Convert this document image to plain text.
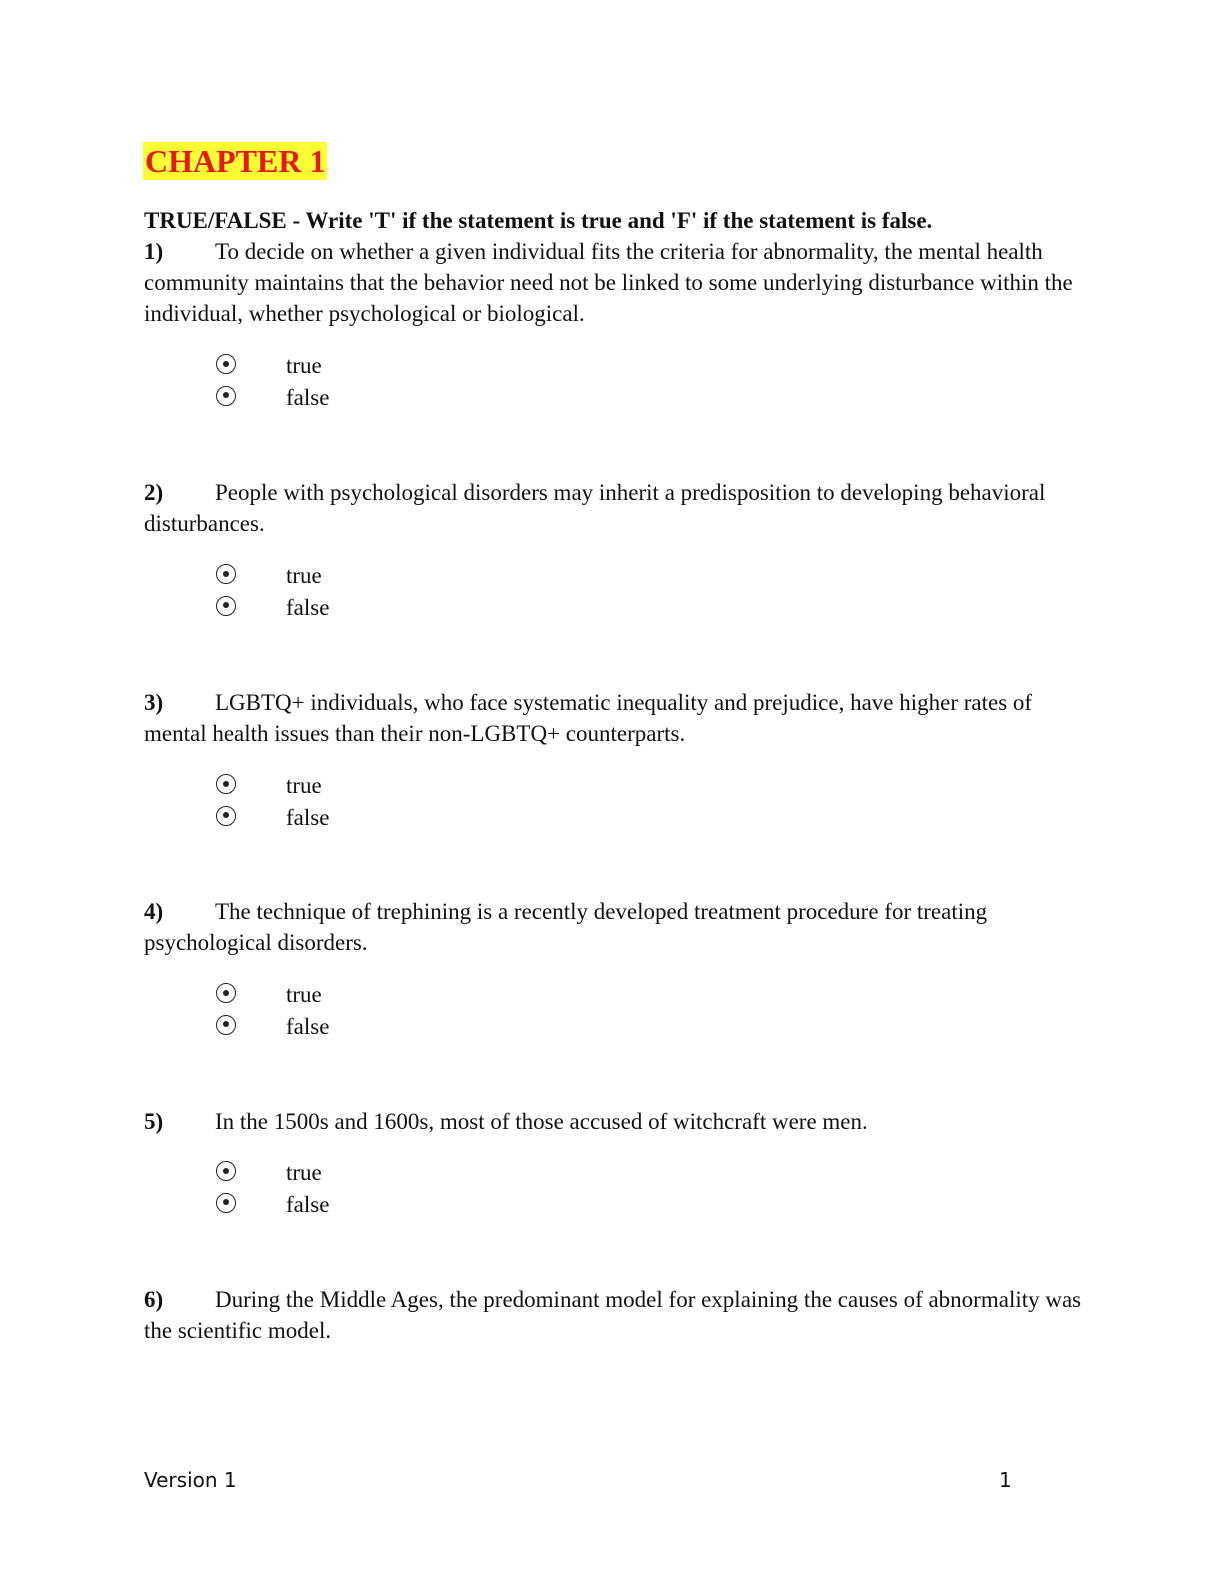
CHAPTER 1
TRUE/FALSE - Write 'T' if the statement is true and 'F' if the statement is false.
1) To decide on whether a given individual fits the criteria for abnormality, the mental health community maintains that the behavior need not be linked to some underlying disturbance within the individual, whether psychological or biological.
true
false
2) People with psychological disorders may inherit a predisposition to developing behavioral disturbances.
true
false
3) LGBTQ+ individuals, who face systematic inequality and prejudice, have higher rates of mental health issues than their non-LGBTQ+ counterparts.
true
false
4) The technique of trephining is a recently developed treatment procedure for treating psychological disorders.
true
false
5) In the 1500s and 1600s, most of those accused of witchcraft were men.
true
false
6) During the Middle Ages, the predominant model for explaining the causes of abnormality was the scientific model.
Version 1	1
